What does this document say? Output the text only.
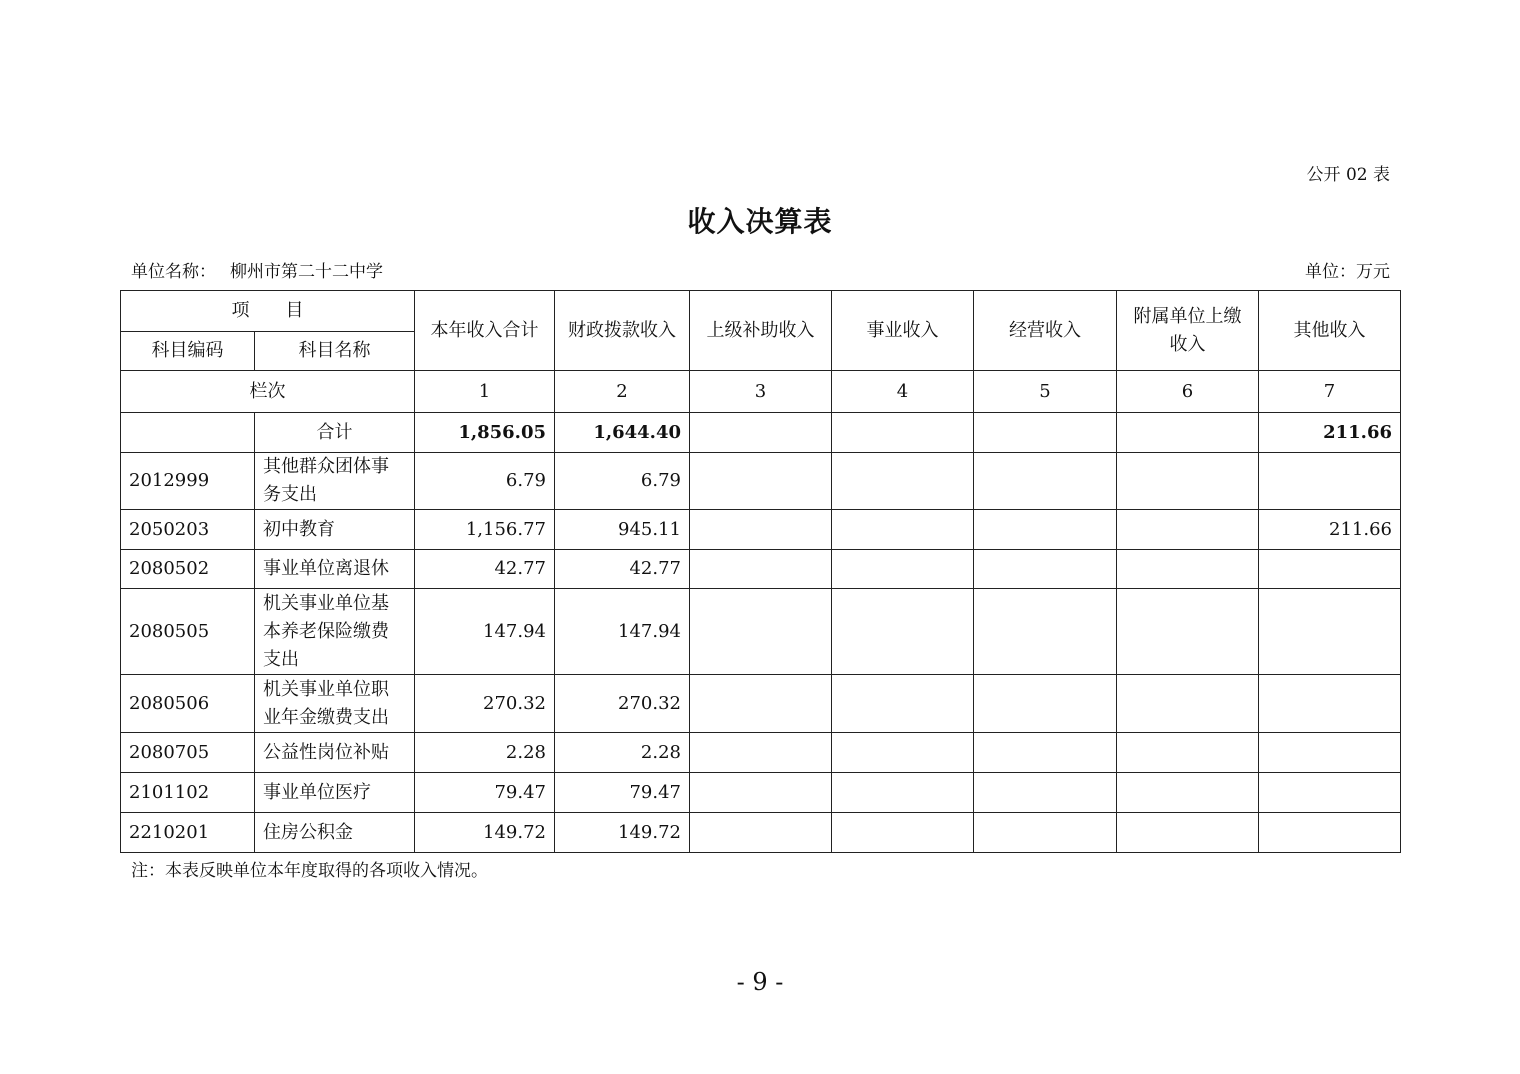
公开 02 表
收入决算表
单位名称： 柳州市第二十二中学	单位：万元
项　　目		本年收入合计	财政拨款收入	上级补助收入	事业收入	经营收入	附属单位上缴收入	其他收入
科目编码	科目名称							
栏次		1	2	3	4	5	6	7
	合计	1,856.05	1,644.40					211.66
2012999	其他群众团体事务支出	6.79	6.79					
2050203	初中教育	1,156.77	945.11					211.66
2080502	事业单位离退休	42.77	42.77					
2080505	机关事业单位基本养老保险缴费支出	147.94	147.94					
2080506	机关事业单位职业年金缴费支出	270.32	270.32					
2080705	公益性岗位补贴	2.28	2.28					
2101102	事业单位医疗	79.47	79.47					
2210201	住房公积金	149.72	149.72					
注：本表反映单位本年度取得的各项收入情况。
- 9 -
